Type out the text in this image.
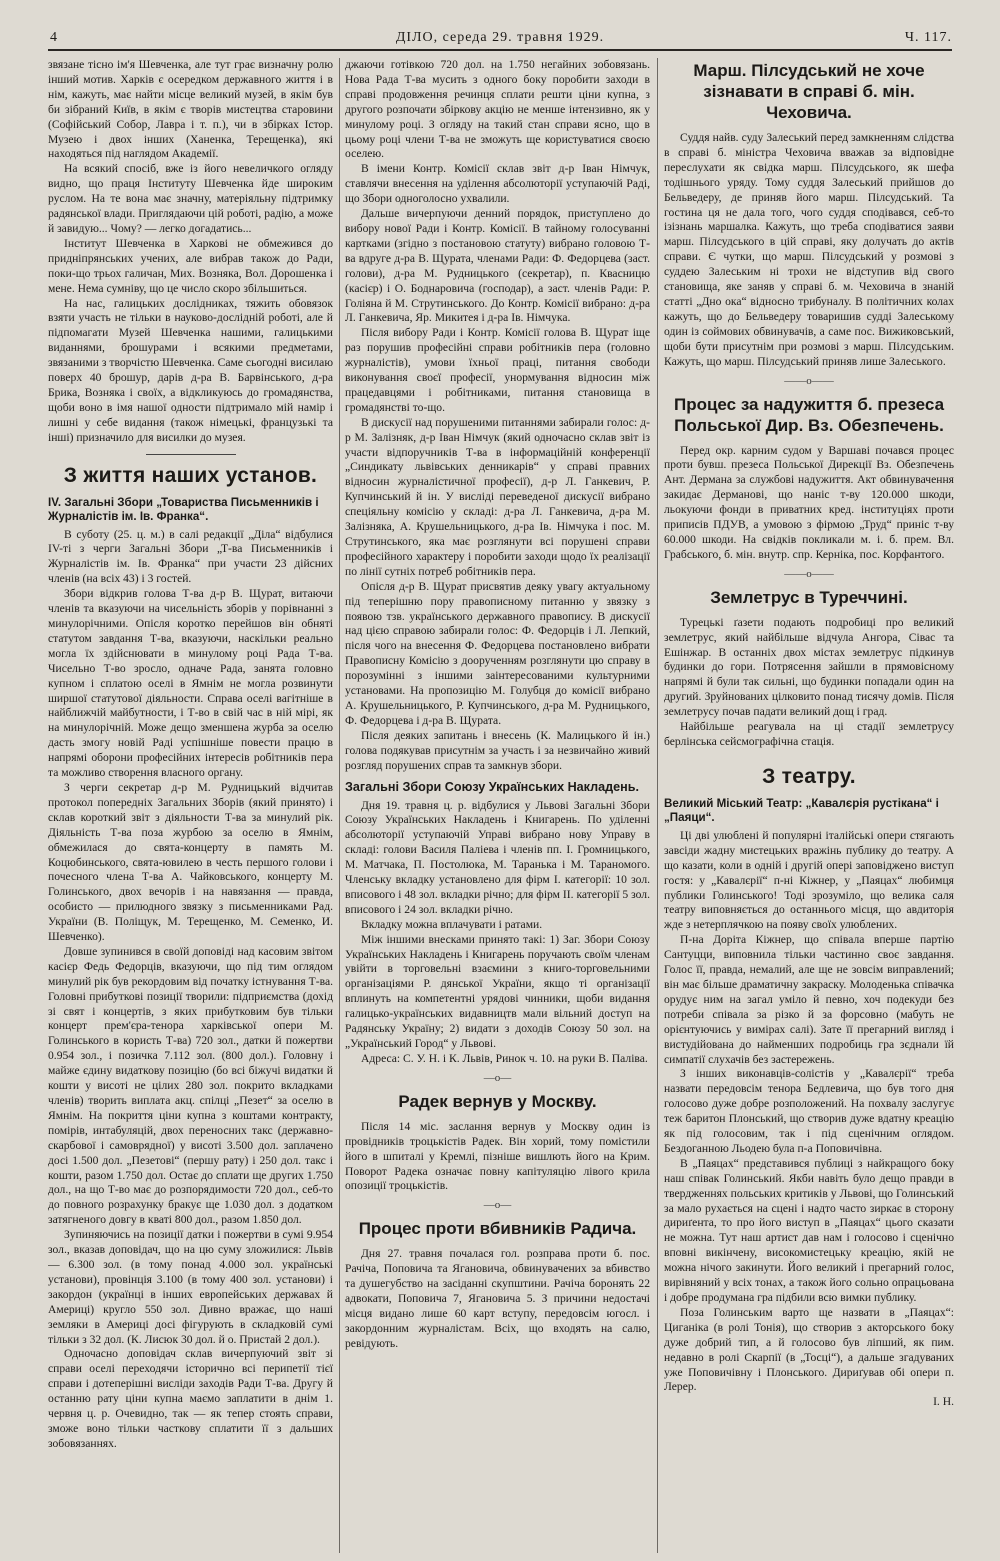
4	ДІЛО, середа 29. травня 1929.	Ч. 117.

звязане тісно ім'я Шевченка, але тут грає визначну ролю інший мотив. Харків є осередком державного життя і в нім, кажуть, має найти місце великий музей, в якім був би зібраний Київ, в якім є творів мистецтва старовини (Софійський Собор, Лавра і т. п.), чи в збірках Істор. Музею і двох інших (Ханенка, Терещенка), які находяться під наглядом Академії.

На всякий спосіб, вже із його невеличкого огляду видно, що праця Інституту Шевченка йде широким руслом. На те вона має значну, матеріяльну підтримку радянської влади. Приглядаючи цій роботі, радію, а може й завидую... Чому? — легко догадатись...

Інститут Шевченка в Харкові не обмежився до придніпрянських учених, але вибрав також до Ради, поки-що трьох галичан, Мих. Возняка, Вол. Дорошенка і мене. Нема сумніву, що це число скоро збільшиться.

На нас, галицьких дослідниках, тяжить обовязок взяти участь не тільки в науково-дослідній роботі, але й підпомагати Музей Шевченка нашими, галицькими виданнями, брошурами і всякими предметами, звязаними з творчістю Шевченка. Саме сьогодні висилаю поверх 40 брошур, дарів д-ра В. Барвінського, д-ра Брика, Возняка і своїх, а відкликуюсь до громадянства, щоби воно в імя нашої одности підтримало мій намір і лишні у себе видання (також німецькі, французькі та інші) призначило для висилки до музея.

З життя наших установ.
IV. Загальні Збори „Товариства Письменників і Журналістів ім. Ів. Франка“.

В суботу (25. ц. м.) в салі редакції „Діла“ відбулися IV-ті з черги Загальні Збори „Т-ва Письменників і Журналістів ім. Ів. Франка“ при участи 23 дійсних членів (на всіх 43) і 3 гостей.

Збори відкрив голова Т-ва д-р В. Щурат, витаючи членів та вказуючи на чисельність зборів у порівнанні з минулорічними. Опісля коротко перейшов він обняті статутом завдання Т-ва, вказуючи, наскільки реально могла їх здійснювати в минулому році Рада Т-ва. Чисельно Т-во зросло, одначе Рада, занята головно купном і сплатою оселі в Ямнім не могла розвинути ширшої статутової діяльности. Справа оселі вагітніше в найближчій майбутности, і Т-во в свій час в ній мірі, як на минулорічній. Може дещо зменшена журба за оселю дасть змогу новій Раді успішніше повести працю в напрямі оборони професійних інтересів робітників пера та можливо створення власного органу.

З черги секретар д-р М. Рудницький відчитав протокол попередніх Загальних Зборів (який принято) і склав короткий звіт з діяльности Т-ва за минулий рік. Діяльність Т-ва поза журбою за оселю в Ямнім, обмежилася до свята-концерту в память М. Коцюбинського, свята-ювилею в честь першого голови і почесного члена Т-ва А. Чайковського, концерту М. Голинського, двох вечорів і на навязання — правда, особисто — прилюдного звязку з письменниками Рад. України (В. Поліщук, М. Терещенко, М. Семенко, И. Шевченко).

Довше зупинився в своїй доповіді над касовим звітом касієр Федь Федорців, вказуючи, що під тим оглядом минулий рік був рекордовим від початку істнування Т-ва. Головні прибуткові позиції творили: підприємства (дохід зі свят і концертів, з яких прибутковим був тільки концерт прем'єра-тенора харківської опери М. Голинського в користь Т-ва) 720 зол., датки й пожертви 0.954 зол., і позичка 7.112 зол. (800 дол.). Головну і майже єдину видаткову позицію (бо всі біжучі видатки й кошти у висоті не цілих 280 зол. покрито вкладками членів) творить виплата акц. спілці „Пезет“ за оселю в Ямнім. На покриття ціни купна з коштами контракту, помірів, интабуляцій, двох переносних такс (державно-скарбової і самоврядної) у висоті 3.500 дол. заплачено досі 1.500 дол. „Пезетові“ (першу рату) і 250 дол. такс і кошти, разом 1.750 дол. Остає до сплати ще других 1.750 дол., на що Т-во має до розпорядимости 720 дол., себ-то до повного розрахунку бракує ще 1.030 дол. з додатком затягненого довгу в кваті 800 дол., разом 1.850 дол.

Зупиняючись на позиції датки і пожертви в сумі 9.954 зол., вказав доповідач, що на цю суму зложилися: Львів — 6.300 зол. (в тому понад 4.000 зол. українські установи), провінція 3.100 (в тому 400 зол. установи) і закордон (українці в інших европейських державах й Америці) кругло 550 зол. Дивно вражає, що наші земляки в Америці досі фігурують в складковій сумі тільки з 32 дол. (К. Лисюк 30 дол. й о. Пристай 2 дол.).

Одночасно доповідач склав вичерпуючий звіт зі справи оселі переходячи історично всі перипетії тієї справи і дотеперішні висліди заходів Ради Т-ва. Другу й останню рату ціни купна маємо заплатити в днім 1. червня ц. р. Очевидно, так — як тепер стоять справи, зможе воно тільки часткову сплатити її з дальших зобовязаннях.

джаючи готівкою 720 дол. на 1.750 негайних зобовязань. Нова Рада Т-ва мусить з одного боку поробити заходи в справі продовження речинця сплати решти ціни купна, з другого розпочати збіркову акцію не менше інтензивно, як у минулому році. З огляду на такий стан справи ясно, що в цьому році члени Т-ва не зможуть ще користуватися своєю оселею.

В імени Контр. Комісії склав звіт д-р Іван Німчук, ставлячи внесення на уділення абсолюторії уступаючій Раді, що Збори одноголосно ухвалили.

Дальше вичерпуючи денний порядок, приступлено до вибору нової Ради і Контр. Комісії. В тайному голосуванні картками (згідно з постановою статуту) вибрано головою Т-ва вдруге д-ра В. Щурата, членами Ради: Ф. Федорцева (заст. голови), д-ра М. Рудницького (секретар), п. Квасницю (касієр) і О. Боднаровича (господар), а заст. членів Ради: Р. Голіяна й М. Струтинського. До Контр. Комісії вибрано: д-ра Л. Ганкевича, Яр. Микитея і д-ра Ів. Німчука.

Після вибору Ради і Контр. Комісії голова В. Щурат іще раз порушив професійні справи робітників пера (головно журналістів), умови їхньої праці, питання свободи виконування своєї професії, унормування відносин між працедавцями і робітниками, питання становища в громадянстві то-що.

В дискусії над порушеними питаннями забирали голос: д-р М. Залізняк, д-р Іван Німчук (який одночасно склав звіт із участи відпоручників Т-ва в інформаційній конференції „Синдикату львівських денникарів“ у справі правних відносин журналістичної професії), д-р Л. Ганкевич, Р. Купчинський й ін. У вислідi переведеної дискусії вибрано спеціяльну комісію у складі: д-ра Л. Ганкевича, д-ра М. Залізняка, А. Крушельницького, д-ра Ів. Німчука і пос. М. Струтинського, яка має розглянути всі порушені справи професійного характеру і поробити заходи щодо їх реалізації по лінії сутніх потреб робітників пера.

Опісля д-р В. Щурат присвятив деяку увагу актуальному під теперішню пору правописному питанню у звязку з появою тзв. українського державного правопису. В дискусії над цією справою забирали голос: Ф. Федорців і Л. Лепкий, після чого на внесення Ф. Федорцева постановлено вибрати Правописну Комісію з доорученням розглянути цю справу в порозумінні з іншими заінтересованими культурними установами. На пропозицію М. Голубця до комісії вибрано А. Крушельницького, Р. Купчинського, д-ра М. Рудницького, Ф. Федорцева і д-ра В. Щурата.

Після деяких запитань і внесень (К. Малицького й ін.) голова подякував присутнім за участь і за незвичайно живий розгляд порушених справ та замкнув збори.

Загальні Збори Союзу Українських Накладень.

Дня 19. травня ц. р. відбулися у Львові Загальні Збори Союзу Українських Накладень і Книгарень. По уділенні абсолюторії уступаючій Управі вибрано нову Управу в складі: голови Василя Паліева і членів пп. І. Громницького, М. Матчака, П. Постолюка, М. Таранька і М. Тараномого. Членську вкладку установлено для фірм І. категорії: 10 зол. вписового і 48 зол. вкладки річно; для фірм ІІ. категорії 5 зол. вписового і 24 зол. вкладки річно.

Вкладку можна вплачувати і ратами.

Між іншими внесками принято такі: 1) Зaг. Збори Союзу Українських Накладень і Книгарень поручають своїм членам увійти в торговельні взаємини з книго-торговельними організаціями Р. дянської України, якщо ті організації вплинуть на компетентні урядові чинники, щоби видання галицько-українських видавництв мали вільний доступ на Радянську Україну; 2) видати з доходів Союзу 50 зол. на „Український Город“ у Львові.

Адреса: С. У. Н. і К. Львів, Ринок ч. 10. на руки В. Паліва.

—o—
Радек вернув у Москву.

Після 14 міс. заслання вернув у Москву один із провідників троцькістів Радек. Він хорий, тому помістили його в шпиталі у Кремлі, пізніше вишлють його на Крим. Поворот Радека означає повну капітуляцію лівого крила опозиції троцькістів.

—o—
Процес проти вбивників Радича.

Дня 27. травня почалася гол. розправа проти б. пос. Рачіча, Поповича та Ягановича, обвинувачених за вбивство та душегубство на засіданні скупштини. Рачіча боронять 22 адвокати, Поповича 7, Ягановича 5. З причини недостачі місця видано лише 60 карт вступу, передовсім югосл. і закордонним журналістам. Всіх, що входять на салю, ревідують.

Марш. Пілсудський не хоче зізнавати в справі б. мін. Чеховича.

Суддя найв. суду Залеський перед замкненням слідства в справі б. міністра Чеховича вважав за відповідне переслухати як свідка марш. Пілсудського, як шефа тодішнього уряду. Тому суддя Залеський прийшов до Бельведеру, де приняв його марш. Пілсудський. Та гостина ця не дала того, чого суддя сподівався, себ-то ізізнань маршалка. Кажуть, що треба сподіватися заяви марш. Пілсудського в цій справі, яку долучать до актів справи. Є чутки, що марш. Пілсудський у розмові з суддею Залеським ні трохи не відступив від свого становища, яке заняв у справі б. м. Чеховича в знаній статті „Дно ока“ відносно трибуналу. В політичних колах кажуть, що до Бельведеру товаришив судді Залеському один із соймових обвинувачів, а саме пос. Вижиковський, щоби бути присутнім при розмові з марш. Пілсудським. Кажуть, що марш. Пілсудський приняв лише Залеського.

——o——
Процес за надужиття б. презеса Польської Дир. Вз. Обезпечень.

Перед окр. карним судом у Варшаві почався процес проти бувш. презеса Польської Дирекції Вз. Обезпечень Ант. Дермана за службові надужиття. Акт обвинувачення закидає Дерманові, що наніс т-ву 120.000 шкоди, льокуючи фонди в приватних кред. інституціях проти приписів ПДУВ, а умовою з фірмою „Труд“ приніс т-ву 60.000 шкоди. На свідків покликали м. і. б. прем. Вл. Грабського, б. мін. внутр. спр. Керніка, пос. Корфантого.

——o——
Землетрус в Туреччині.

Турецькі ґазети подають подробиці про великий землетрус, який найбільше відчула Ангора, Сівас та Ешінжар. В останніх двох містах землетрус підкинув будинки до гори. Потрясення зайшли в прямовісному напрямі й були так сильні, що будинки попадали один на другий. Зруйнованих цілковито понад тисячу домів. Після землетрусу почав падати великий дощ і град.

Найбільше реагувала на ці стадії землетрусу берлінська сейсмографічна стація.

З театру.
Великий Міський Театр: „Кавалєрія рустікана“ і „Паяци“.

Ці дві улюблені й популярні італійські опери стягають завсіди жадну мистецьких вражінь публику до театру. А що казати, коли в одній і другій опері заповіджено виступ гостя: у „Кавалєрії“ п-ні Кіжнер, у „Паяцах“ любимця публики Голинського! Тоді зрозуміло, що велика саля театру виповняється до останнього місця, що авдиторія жде з нетерплячкою на появу своїх улюблених.

П-на Доріта Кіжнер, що співала вперше партію Сантуцци, виповнила тільки частинно своє завдання. Голос її, правда, немалий, але ще не зовсім виправлений; він має більше драматичну закраску. Молоденька співачка орудує ним на загал уміло й певно, хоч подекуди без потреби співала за різко й за форсовно (мабуть не орієнтуючись у вимірах салі). Зате її прегарний вигляд і вистудійована до найменших подробиць гра зєднали їй симпатії слухачів без застережень.

З інших виконавців-солістів у „Кавалєрії“ треба назвати передовсім тенора Бедлевича, що був того дня голосово дуже добре розположений. На похвалу заслугує теж баритон Плонський, що створив дуже вдатну креацію як під голосовим, так і під сценічним оглядом. Бездоганною Льодею була п-а Поповичівна.

В „Паяцах“ представився публиці з найкращого боку наш співак Голинський. Якби навіть було дещо правди в твердженнях польських критиків у Львові, що Голинський за мало рухається на сцені і надто часто зиркає в сторону дириґента, то про його виступ в „Паяцах“ цього сказати не можна. Тут наш артист дав нам і голосово і сценічно вповні викінчену, високомистецьку креацію, якій не можна нічого закинути. Його великий і прегарний голос, вирівняний у всіх тонах, а також його сольно опрацьована і добре продумана гра підбили всю вимки публику.

Поза Голинським варто ще назвати в „Паяцах“: Циганіка (в ролі Тонія), що створив з акторського боку дуже добрий тип, а й голосово був ліпший, як пим. недавно в ролі Скарпії (в „Тосці“), а дальше згадуваних уже Поповичівну і Плонського. Дириґував обі опери п. Лерер.

І. Н.
